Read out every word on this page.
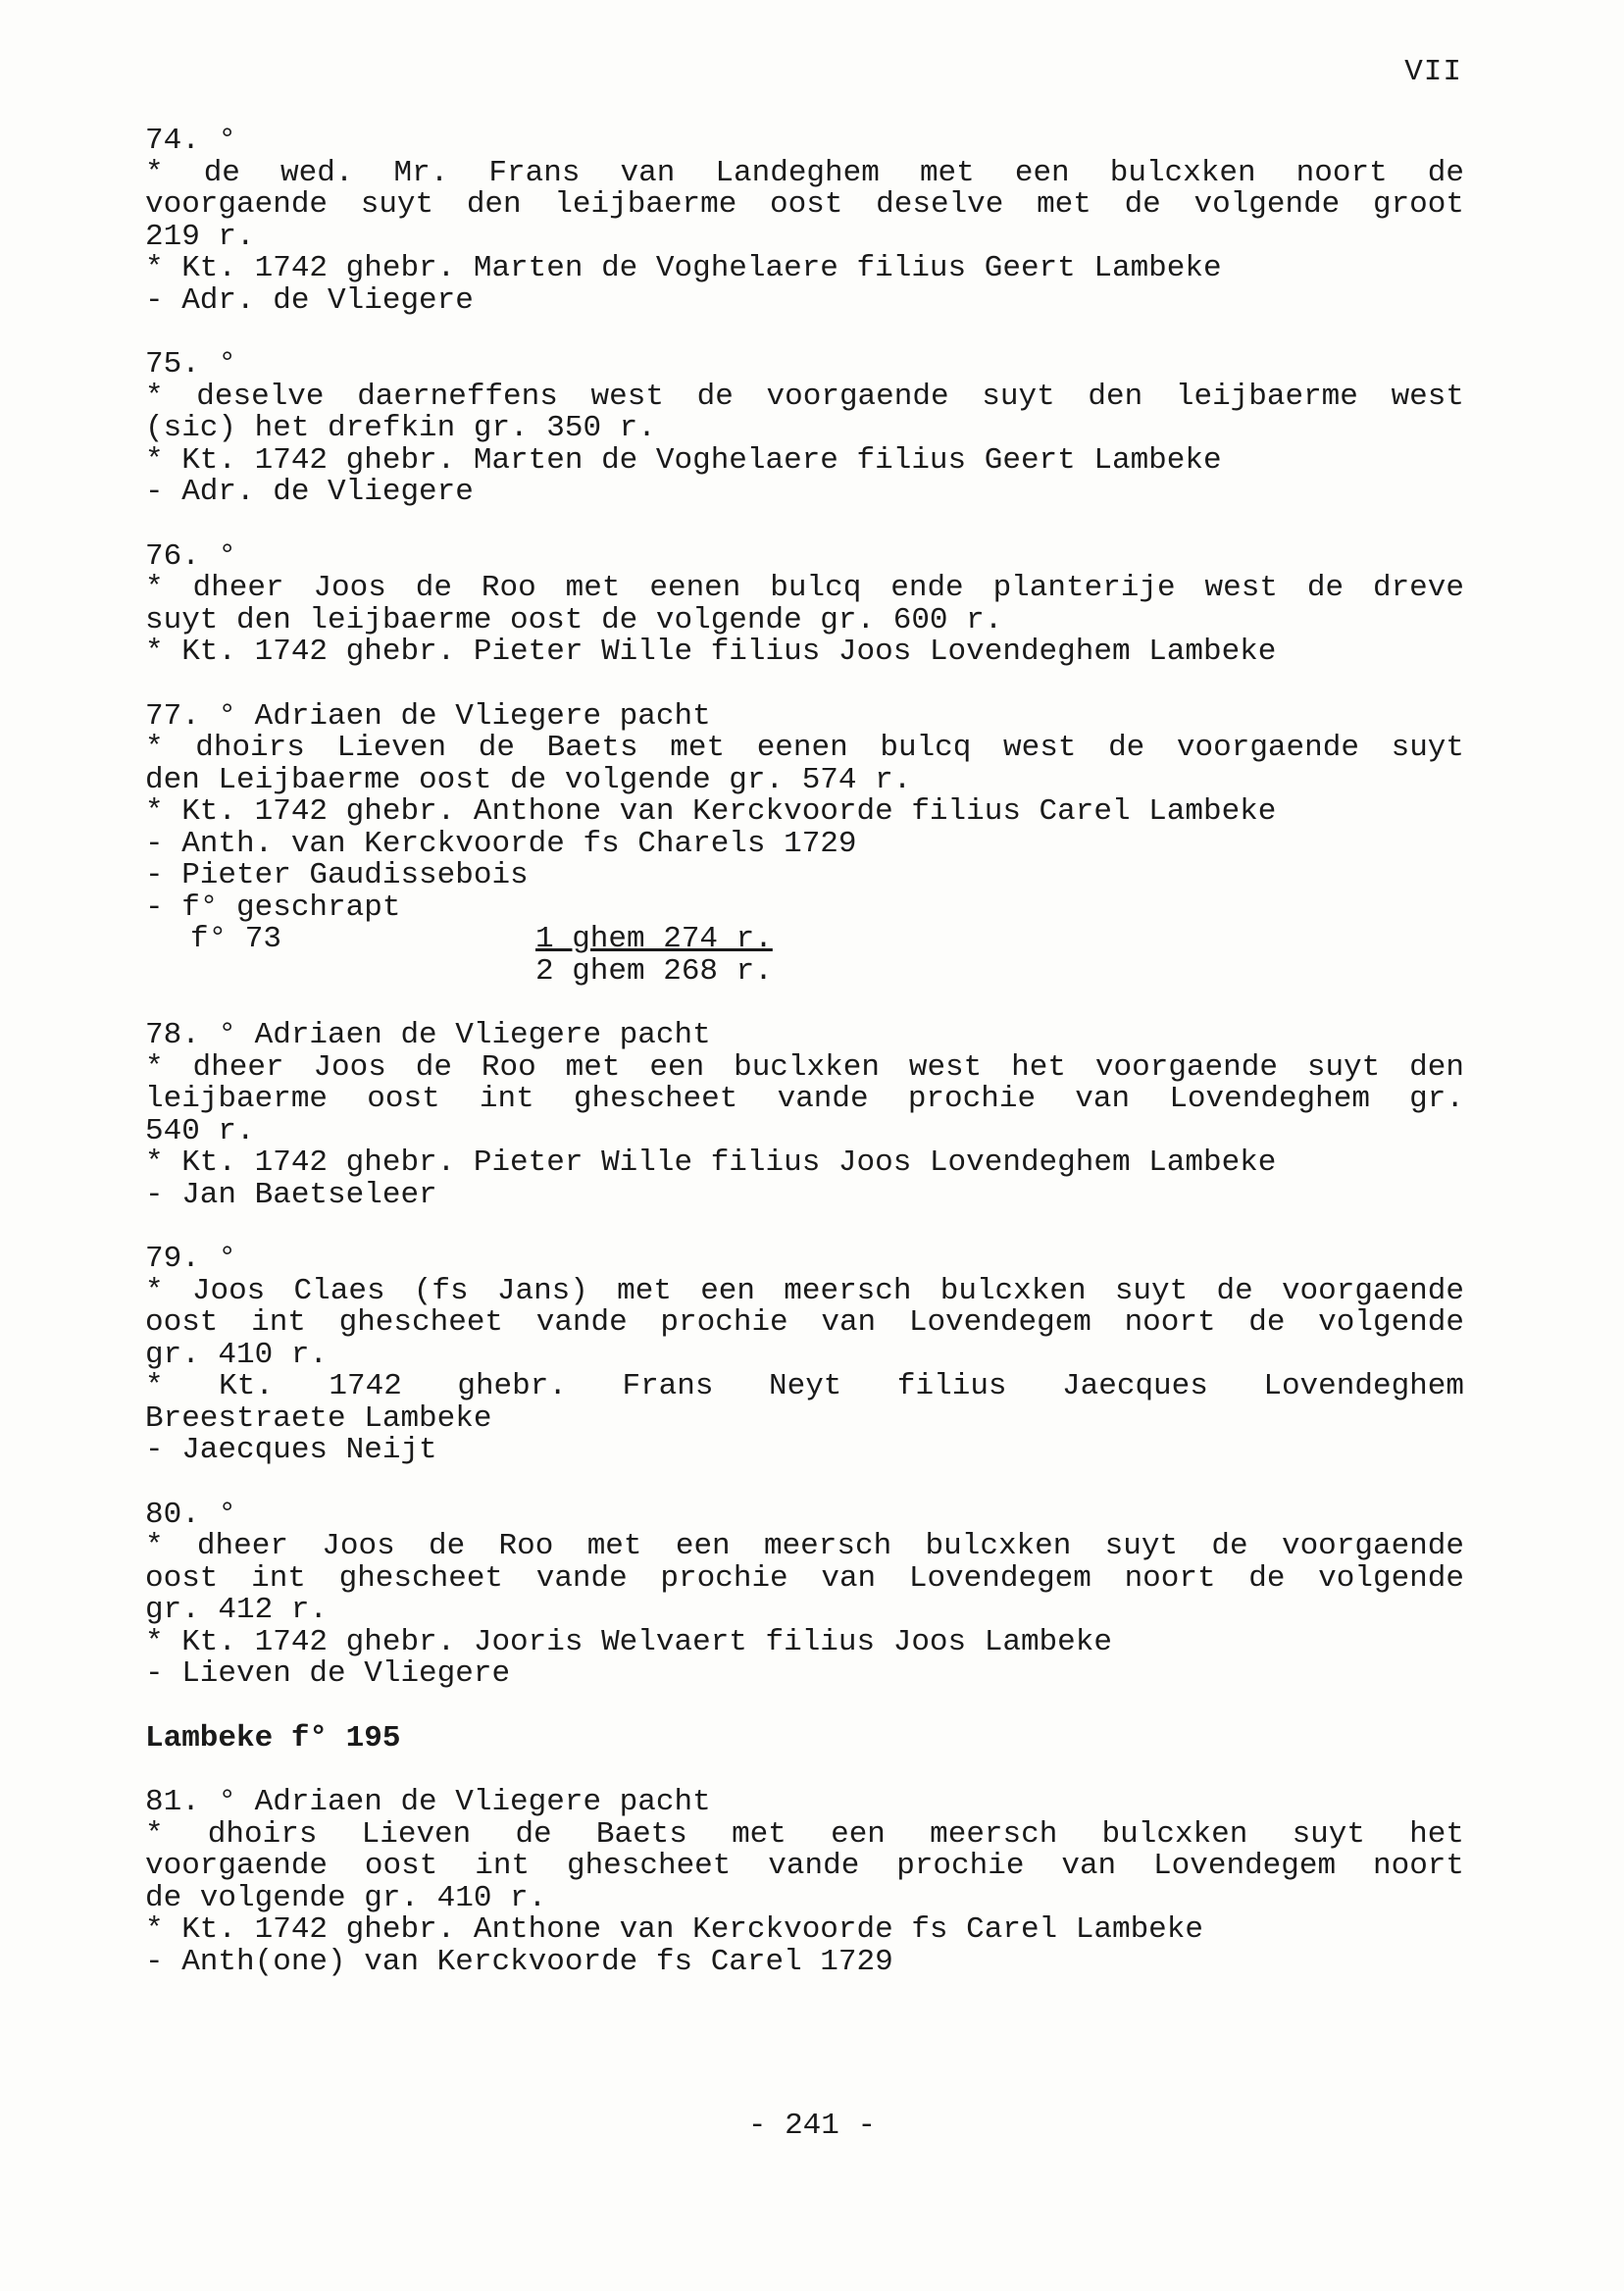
VII
74. °
* de wed. Mr. Frans van Landeghem met een bulcxken noort de
voorgaende suyt den leijbaerme oost deselve met de volgende groot
219 r.
* Kt. 1742 ghebr. Marten de Voghelaere filius Geert Lambeke
- Adr. de Vliegere
75. °
* deselve daerneffens west de voorgaende suyt den leijbaerme west
(sic) het drefkin gr. 350 r.
* Kt. 1742 ghebr. Marten de Voghelaere filius Geert Lambeke
- Adr. de Vliegere
76. °
* dheer Joos de Roo met eenen bulcq ende planterije west de dreve
suyt den leijbaerme oost de volgende gr. 600 r.
* Kt. 1742 ghebr. Pieter Wille filius Joos Lovendeghem Lambeke
77. ° Adriaen de Vliegere pacht
* dhoirs Lieven de Baets met eenen bulcq west de voorgaende suyt
den Leijbaerme oost de volgende gr. 574 r.
* Kt. 1742 ghebr. Anthone van Kerckvoorde filius Carel Lambeke
- Anth. van Kerckvoorde fs Charels 1729
- Pieter Gaudissebois
- f° geschrapt
f° 73	1 ghem 274 r.
2 ghem 268 r.
78. ° Adriaen de Vliegere pacht
* dheer Joos de Roo met een buclxken west het voorgaende suyt den
leijbaerme oost int ghescheet vande prochie van Lovendeghem gr.
540 r.
* Kt. 1742 ghebr. Pieter Wille filius Joos Lovendeghem Lambeke
- Jan Baetseleer
79. °
* Joos Claes (fs Jans) met een meersch bulcxken suyt de voorgaende
oost int ghescheet vande prochie van Lovendegem noort de volgende
gr. 410 r.
* Kt. 1742 ghebr. Frans Neyt filius Jaecques Lovendeghem
Breestraete Lambeke
- Jaecques Neijt
80. °
* dheer Joos de Roo met een meersch bulcxken suyt de voorgaende
oost int ghescheet vande prochie van Lovendegem noort de volgende
gr. 412 r.
* Kt. 1742 ghebr. Jooris Welvaert filius Joos Lambeke
- Lieven de Vliegere
Lambeke f° 195
81. ° Adriaen de Vliegere pacht
* dhoirs Lieven de Baets met een meersch bulcxken suyt het
voorgaende oost int ghescheet vande prochie van Lovendegem noort
de volgende gr. 410 r.
* Kt. 1742 ghebr. Anthone van Kerckvoorde fs Carel Lambeke
- Anth(one) van Kerckvoorde fs Carel 1729
- 241 -
